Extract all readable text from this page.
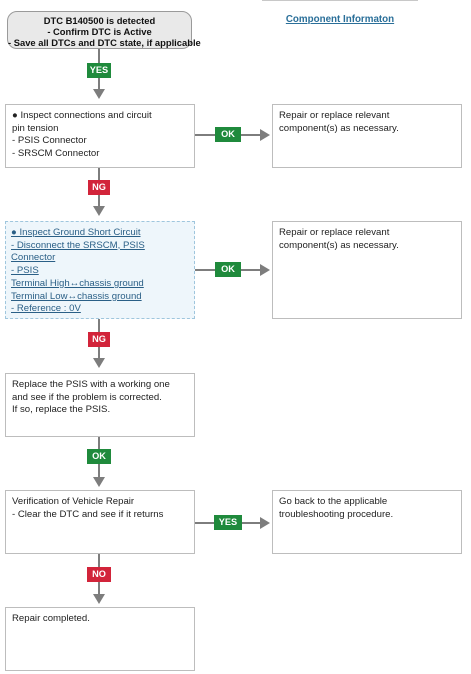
DTC B140500 is detected
- Confirm DTC is Active
- Save all DTCs and DTC state, if applicable
Component Informaton
YES
● Inspect connections and circuit
pin tension
- PSIS Connector
- SRSCM Connector
OK
Repair or replace relevant
component(s) as necessary.
NG
● Inspect Ground Short Circuit
- Disconnect the SRSCM, PSIS
Connector
- PSIS
Terminal High↔chassis ground
Terminal Low↔chassis ground
- Reference : 0V
OK
Repair or replace relevant
component(s) as necessary.
NG
Replace the PSIS with a working one
and see if the problem is corrected.
If so, replace the PSIS.
OK
Verification of Vehicle Repair
- Clear the DTC and see if it returns
YES
Go back to the applicable
troubleshooting procedure.
NO
Repair completed.
